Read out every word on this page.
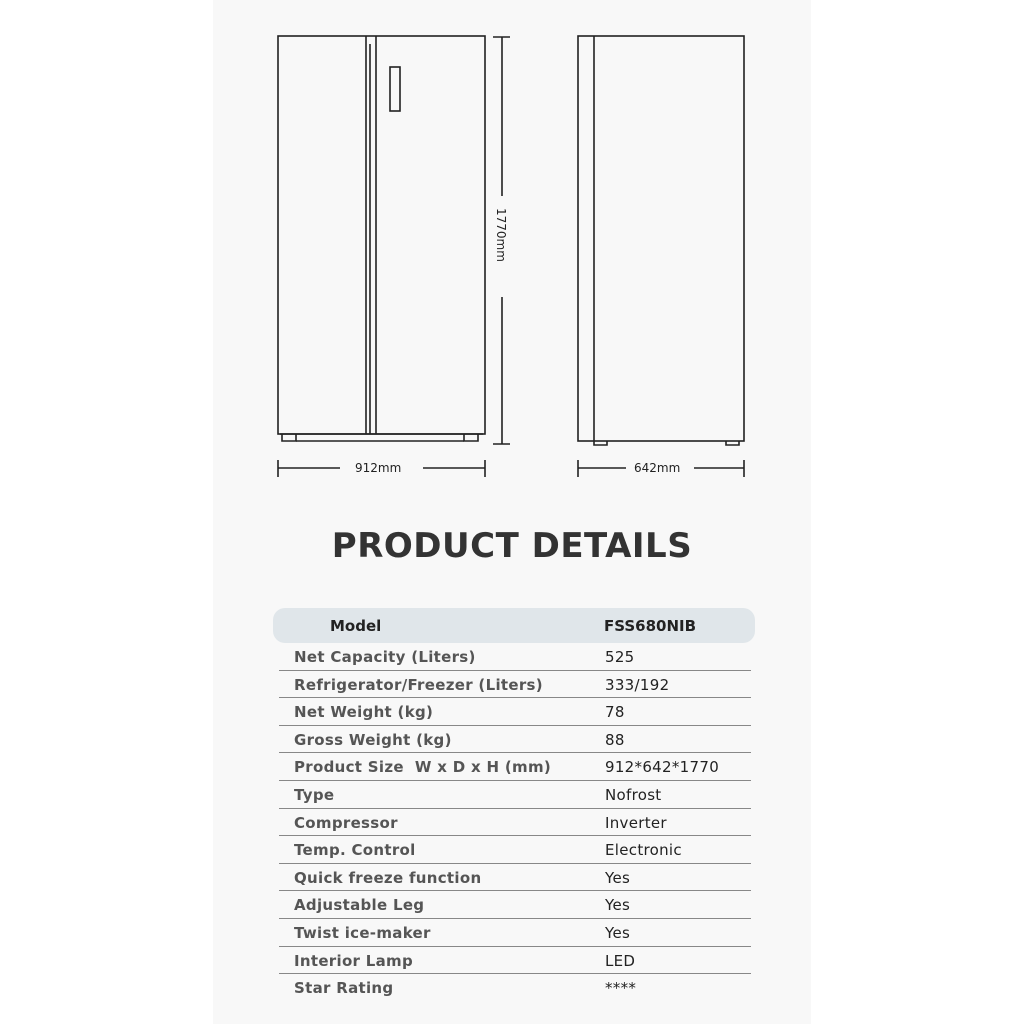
1770mm
912mm	642mm
PRODUCT DETAILS
Model	FSS680NIB
Net Capacity (Liters)	525
Refrigerator/Freezer (Liters)	333/192
Net Weight (kg)	78
Gross Weight (kg)	88
Product Size  W x D x H (mm)	912*642*1770
Type	Nofrost
Compressor	Inverter
Temp. Control	Electronic
Quick freeze function	Yes
Adjustable Leg	Yes
Twist ice-maker	Yes
Interior Lamp	LED
Star Rating	****
